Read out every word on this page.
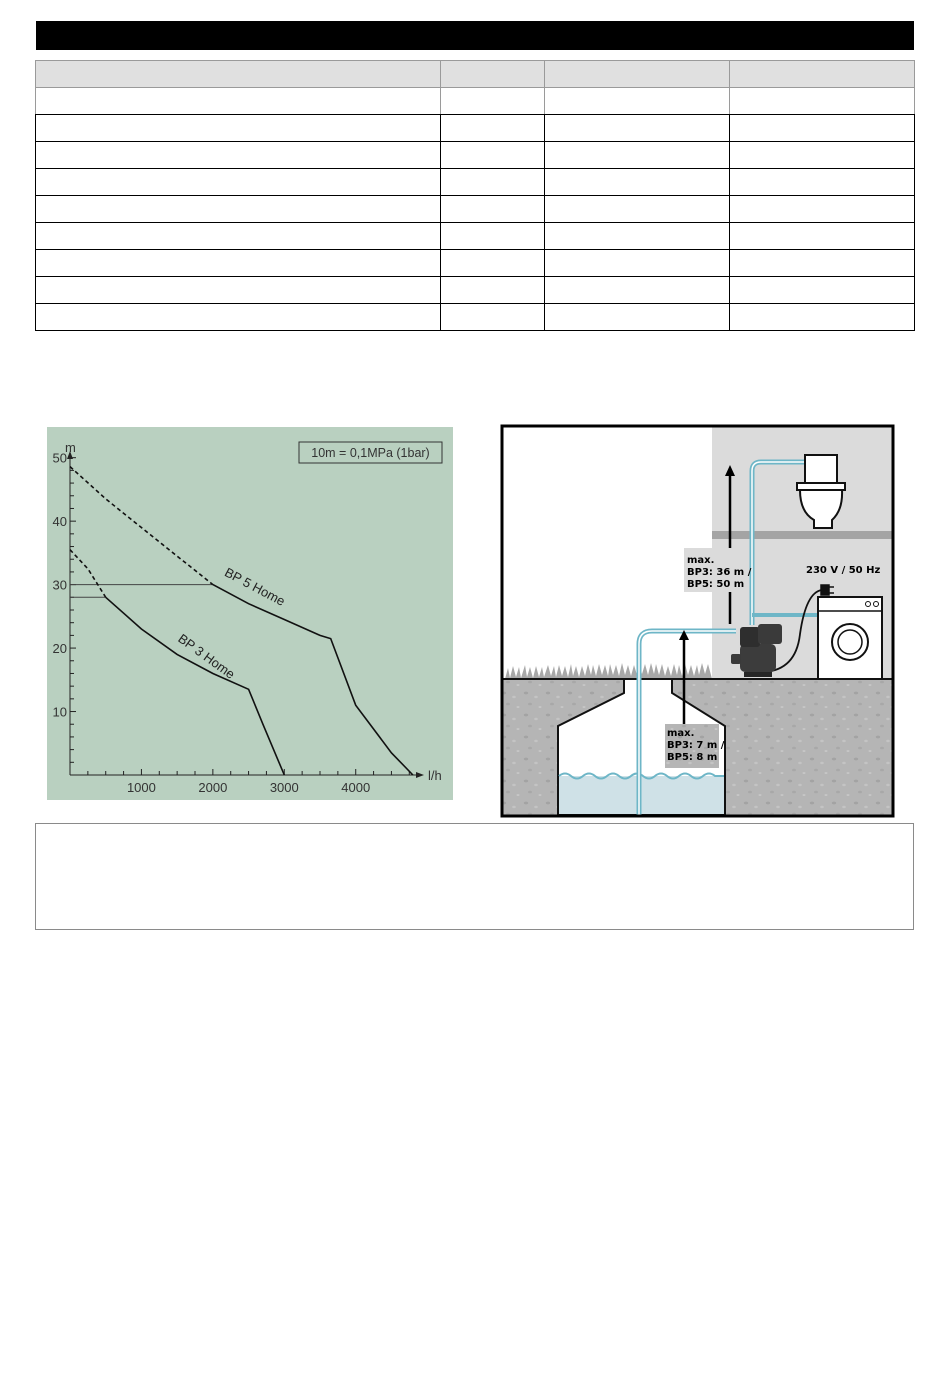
m
l/h
10m = 0,1MPa (1bar)
1000	2000	3000	4000
10
20
30
40
50
BP 5 Home
BP 3 Home
max.
BP3: 36 m /
BP5: 50 m
max.
BP3: 7 m /
BP5: 8 m
230 V / 50 Hz
